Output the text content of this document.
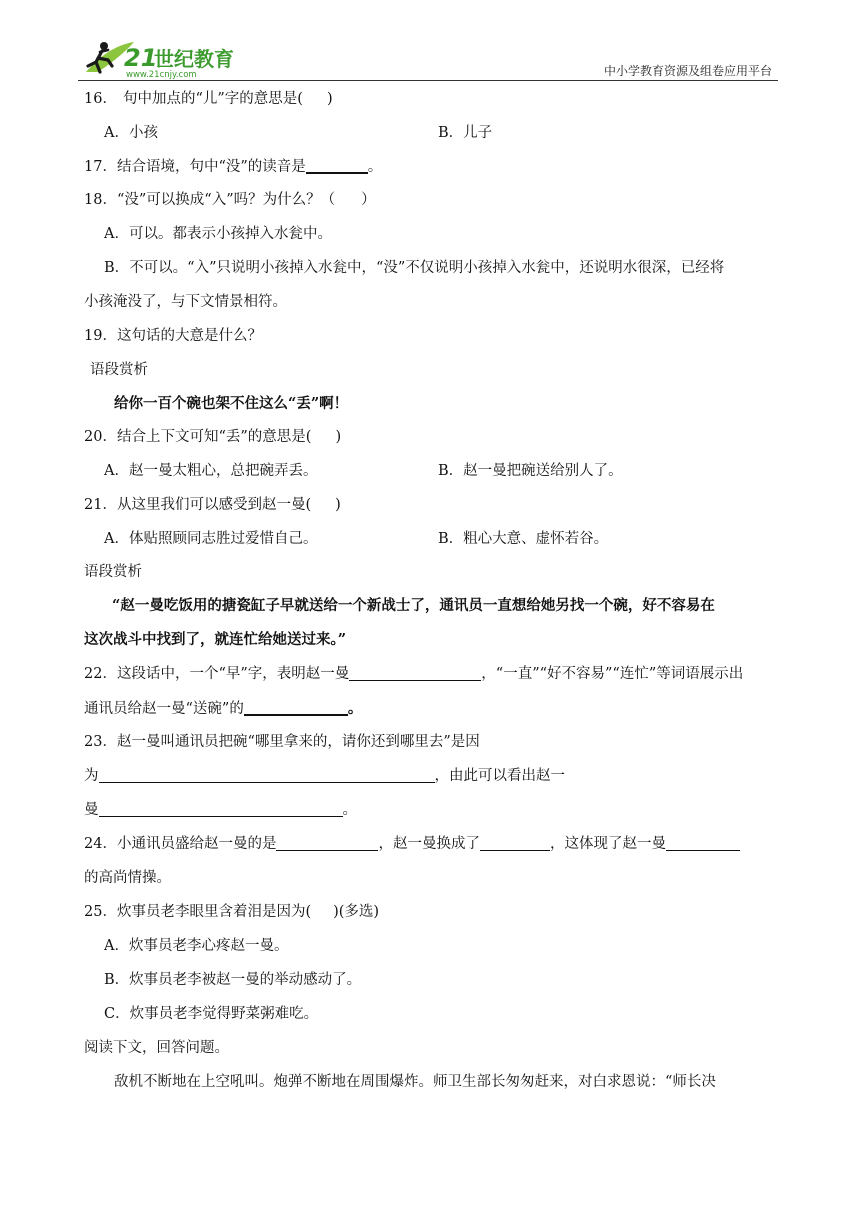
21
世纪教育
www.21cnjy.com	中小学教育资源及组卷应用平台
16． 句中加点的“儿”字的意思是( )
A．小孩	B．儿子
17．结合语境，句中“没”的读音是	。
18．“没”可以换成“入”吗？为什么？（ ）
A．可以。都表示小孩掉入水瓮中。
B．不可以。“入”只说明小孩掉入水瓮中，“没”不仅说明小孩掉入水瓮中，还说明水很深，已经将
小孩淹没了，与下文情景相符。
19．这句话的大意是什么？
语段赏析
给你一百个碗也架不住这么“丢”啊！
20．结合上下文可知“丢”的意思是( )
A．赵一曼太粗心，总把碗弄丢。	B．赵一曼把碗送给别人了。
21．从这里我们可以感受到赵一曼( )
A．体贴照顾同志胜过爱惜自己。	B．粗心大意、虚怀若谷。
语段赏析
“赵一曼吃饭用的搪瓷缸子早就送给一个新战士了，通讯员一直想给她另找一个碗，好不容易在
这次战斗中找到了，就连忙给她送过来。”
22．这段话中，一个“早”字，表明赵一曼	，“一直”“好不容易”“连忙”等词语展示出
通讯员给赵一曼“送碗”的	。
23．赵一曼叫通讯员把碗“哪里拿来的，请你还到哪里去”是因
为	，由此可以看出赵一
曼	。
24．小通讯员盛给赵一曼的是	，赵一曼换成了	，这体现了赵一曼
的高尚情操。
25．炊事员老李眼里含着泪是因为( )(多选)
A．炊事员老李心疼赵一曼。
B．炊事员老李被赵一曼的举动感动了。
C．炊事员老李觉得野菜粥难吃。
阅读下文，回答问题。
敌机不断地在上空吼叫。炮弹不断地在周围爆炸。师卫生部长匆匆赶来，对白求恩说：“师长决
